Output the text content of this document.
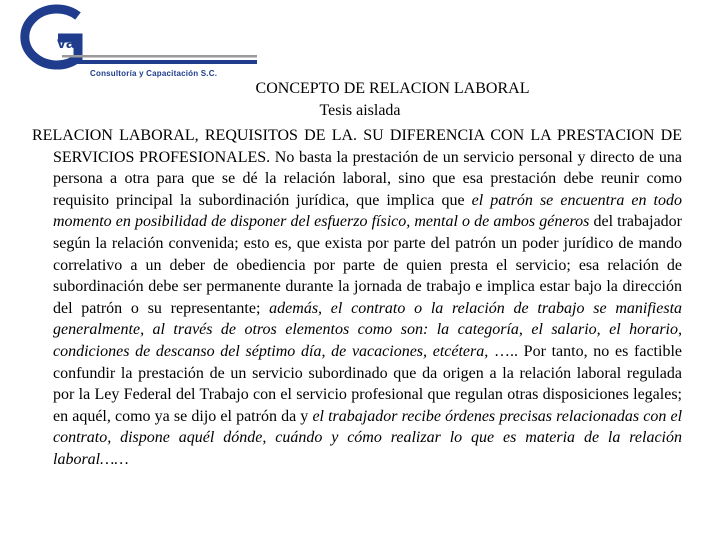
va
Consultoría y Capacitación S.C.
CONCEPTO DE RELACION LABORAL
Tesis aislada
RELACION LABORAL, REQUISITOS DE LA. SU DIFERENCIA CON LA PRESTACION DE SERVICIOS PROFESIONALES. No basta la prestación de un servicio personal y directo de una persona a otra para que se dé la relación laboral, sino que esa prestación debe reunir como requisito principal la subordinación jurídica, que implica que el patrón se encuentra en todo momento en posibilidad de disponer del esfuerzo físico, mental o de ambos géneros del trabajador según la relación convenida; esto es, que exista por parte del patrón un poder jurídico de mando correlativo a un deber de obediencia por parte de quien presta el servicio; esa relación de subordinación debe ser permanente durante la jornada de trabajo e implica estar bajo la dirección del patrón o su representante; además, el contrato o la relación de trabajo se manifiesta generalmente, al través de otros elementos como son: la categoría, el salario, el horario, condiciones de descanso del séptimo día, de vacaciones, etcétera, ….. Por tanto, no es factible confundir la prestación de un servicio subordinado que da origen a la relación laboral regulada por la Ley Federal del Trabajo con el servicio profesional que regulan otras disposiciones legales; en aquél, como ya se dijo el patrón da y el trabajador recibe órdenes precisas relacionadas con el contrato, dispone aquél dónde, cuándo y cómo realizar lo que es materia de la relación laboral……
